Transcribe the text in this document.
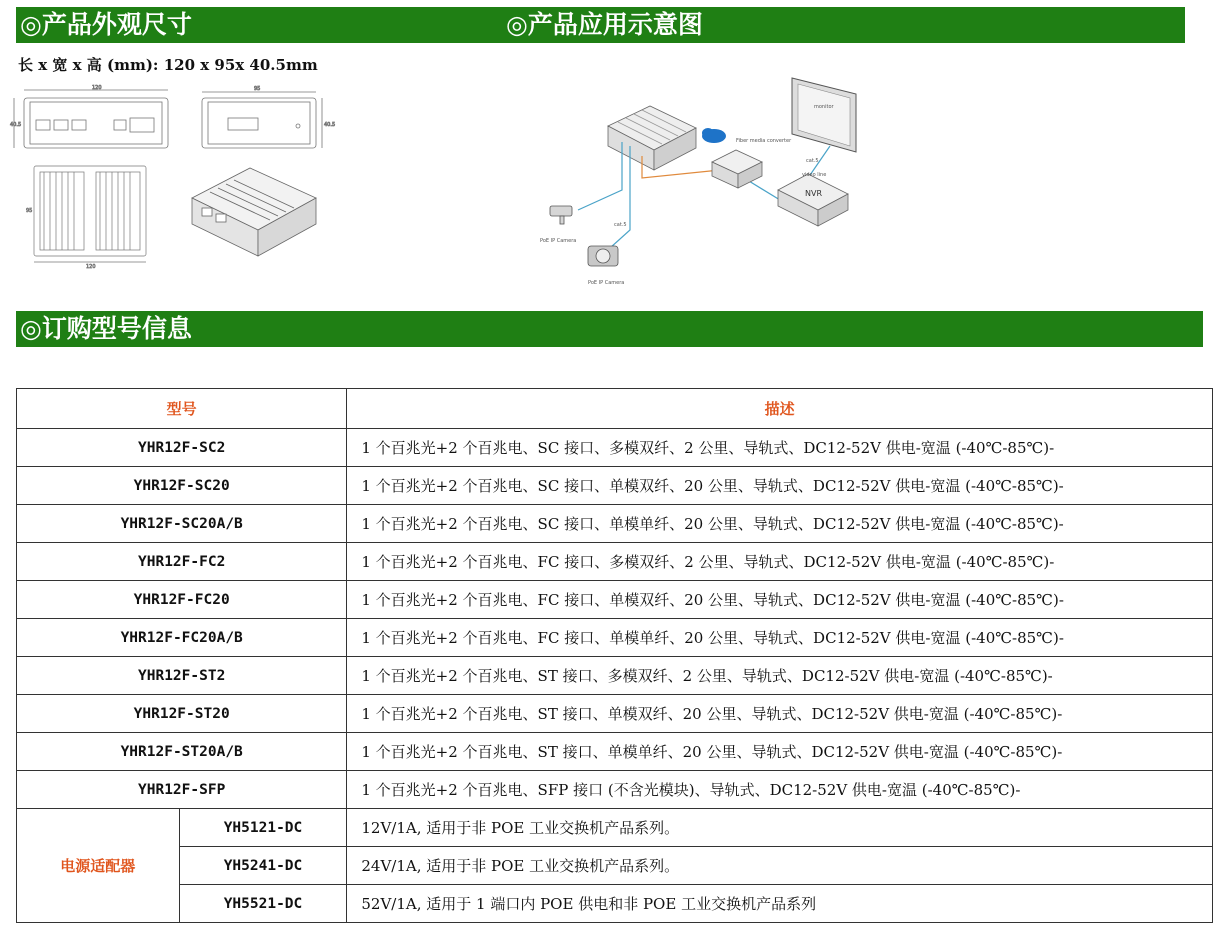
◎产品外观尺寸	◎产品应用示意图
长 x 宽 x 高 (mm): 120 x 95x 40.5mm
120
40.5
95
40.5
120
95
Fiber media converter
monitor
NVR
video line
cat.5
PoE IP Camera
PoE IP Camera
cat.5
◎订购型号信息
型号		描述
YHR12F-SC2		1 个百兆光+2 个百兆电、SC 接口、多模双纤、2 公里、导轨式、DC12-52V 供电-宽温 (-40℃-85℃)-
YHR12F-SC20		1 个百兆光+2 个百兆电、SC 接口、单模双纤、20 公里、导轨式、DC12-52V 供电-宽温 (-40℃-85℃)-
YHR12F-SC20A/B		1 个百兆光+2 个百兆电、SC 接口、单模单纤、20 公里、导轨式、DC12-52V 供电-宽温 (-40℃-85℃)-
YHR12F-FC2		1 个百兆光+2 个百兆电、FC 接口、多模双纤、2 公里、导轨式、DC12-52V 供电-宽温 (-40℃-85℃)-
YHR12F-FC20		1 个百兆光+2 个百兆电、FC 接口、单模双纤、20 公里、导轨式、DC12-52V 供电-宽温 (-40℃-85℃)-
YHR12F-FC20A/B		1 个百兆光+2 个百兆电、FC 接口、单模单纤、20 公里、导轨式、DC12-52V 供电-宽温 (-40℃-85℃)-
YHR12F-ST2		1 个百兆光+2 个百兆电、ST 接口、多模双纤、2 公里、导轨式、DC12-52V 供电-宽温 (-40℃-85℃)-
YHR12F-ST20		1 个百兆光+2 个百兆电、ST 接口、单模双纤、20 公里、导轨式、DC12-52V 供电-宽温 (-40℃-85℃)-
YHR12F-ST20A/B		1 个百兆光+2 个百兆电、ST 接口、单模单纤、20 公里、导轨式、DC12-52V 供电-宽温 (-40℃-85℃)-
YHR12F-SFP		1 个百兆光+2 个百兆电、SFP 接口 (不含光模块)、导轨式、DC12-52V 供电-宽温 (-40℃-85℃)-
电源适配器	YH5121-DC	12V/1A, 适用于非 POE 工业交换机产品系列。
	YH5241-DC	24V/1A, 适用于非 POE 工业交换机产品系列。
	YH5521-DC	52V/1A, 适用于 1 端口内 POE 供电和非 POE 工业交换机产品系列
